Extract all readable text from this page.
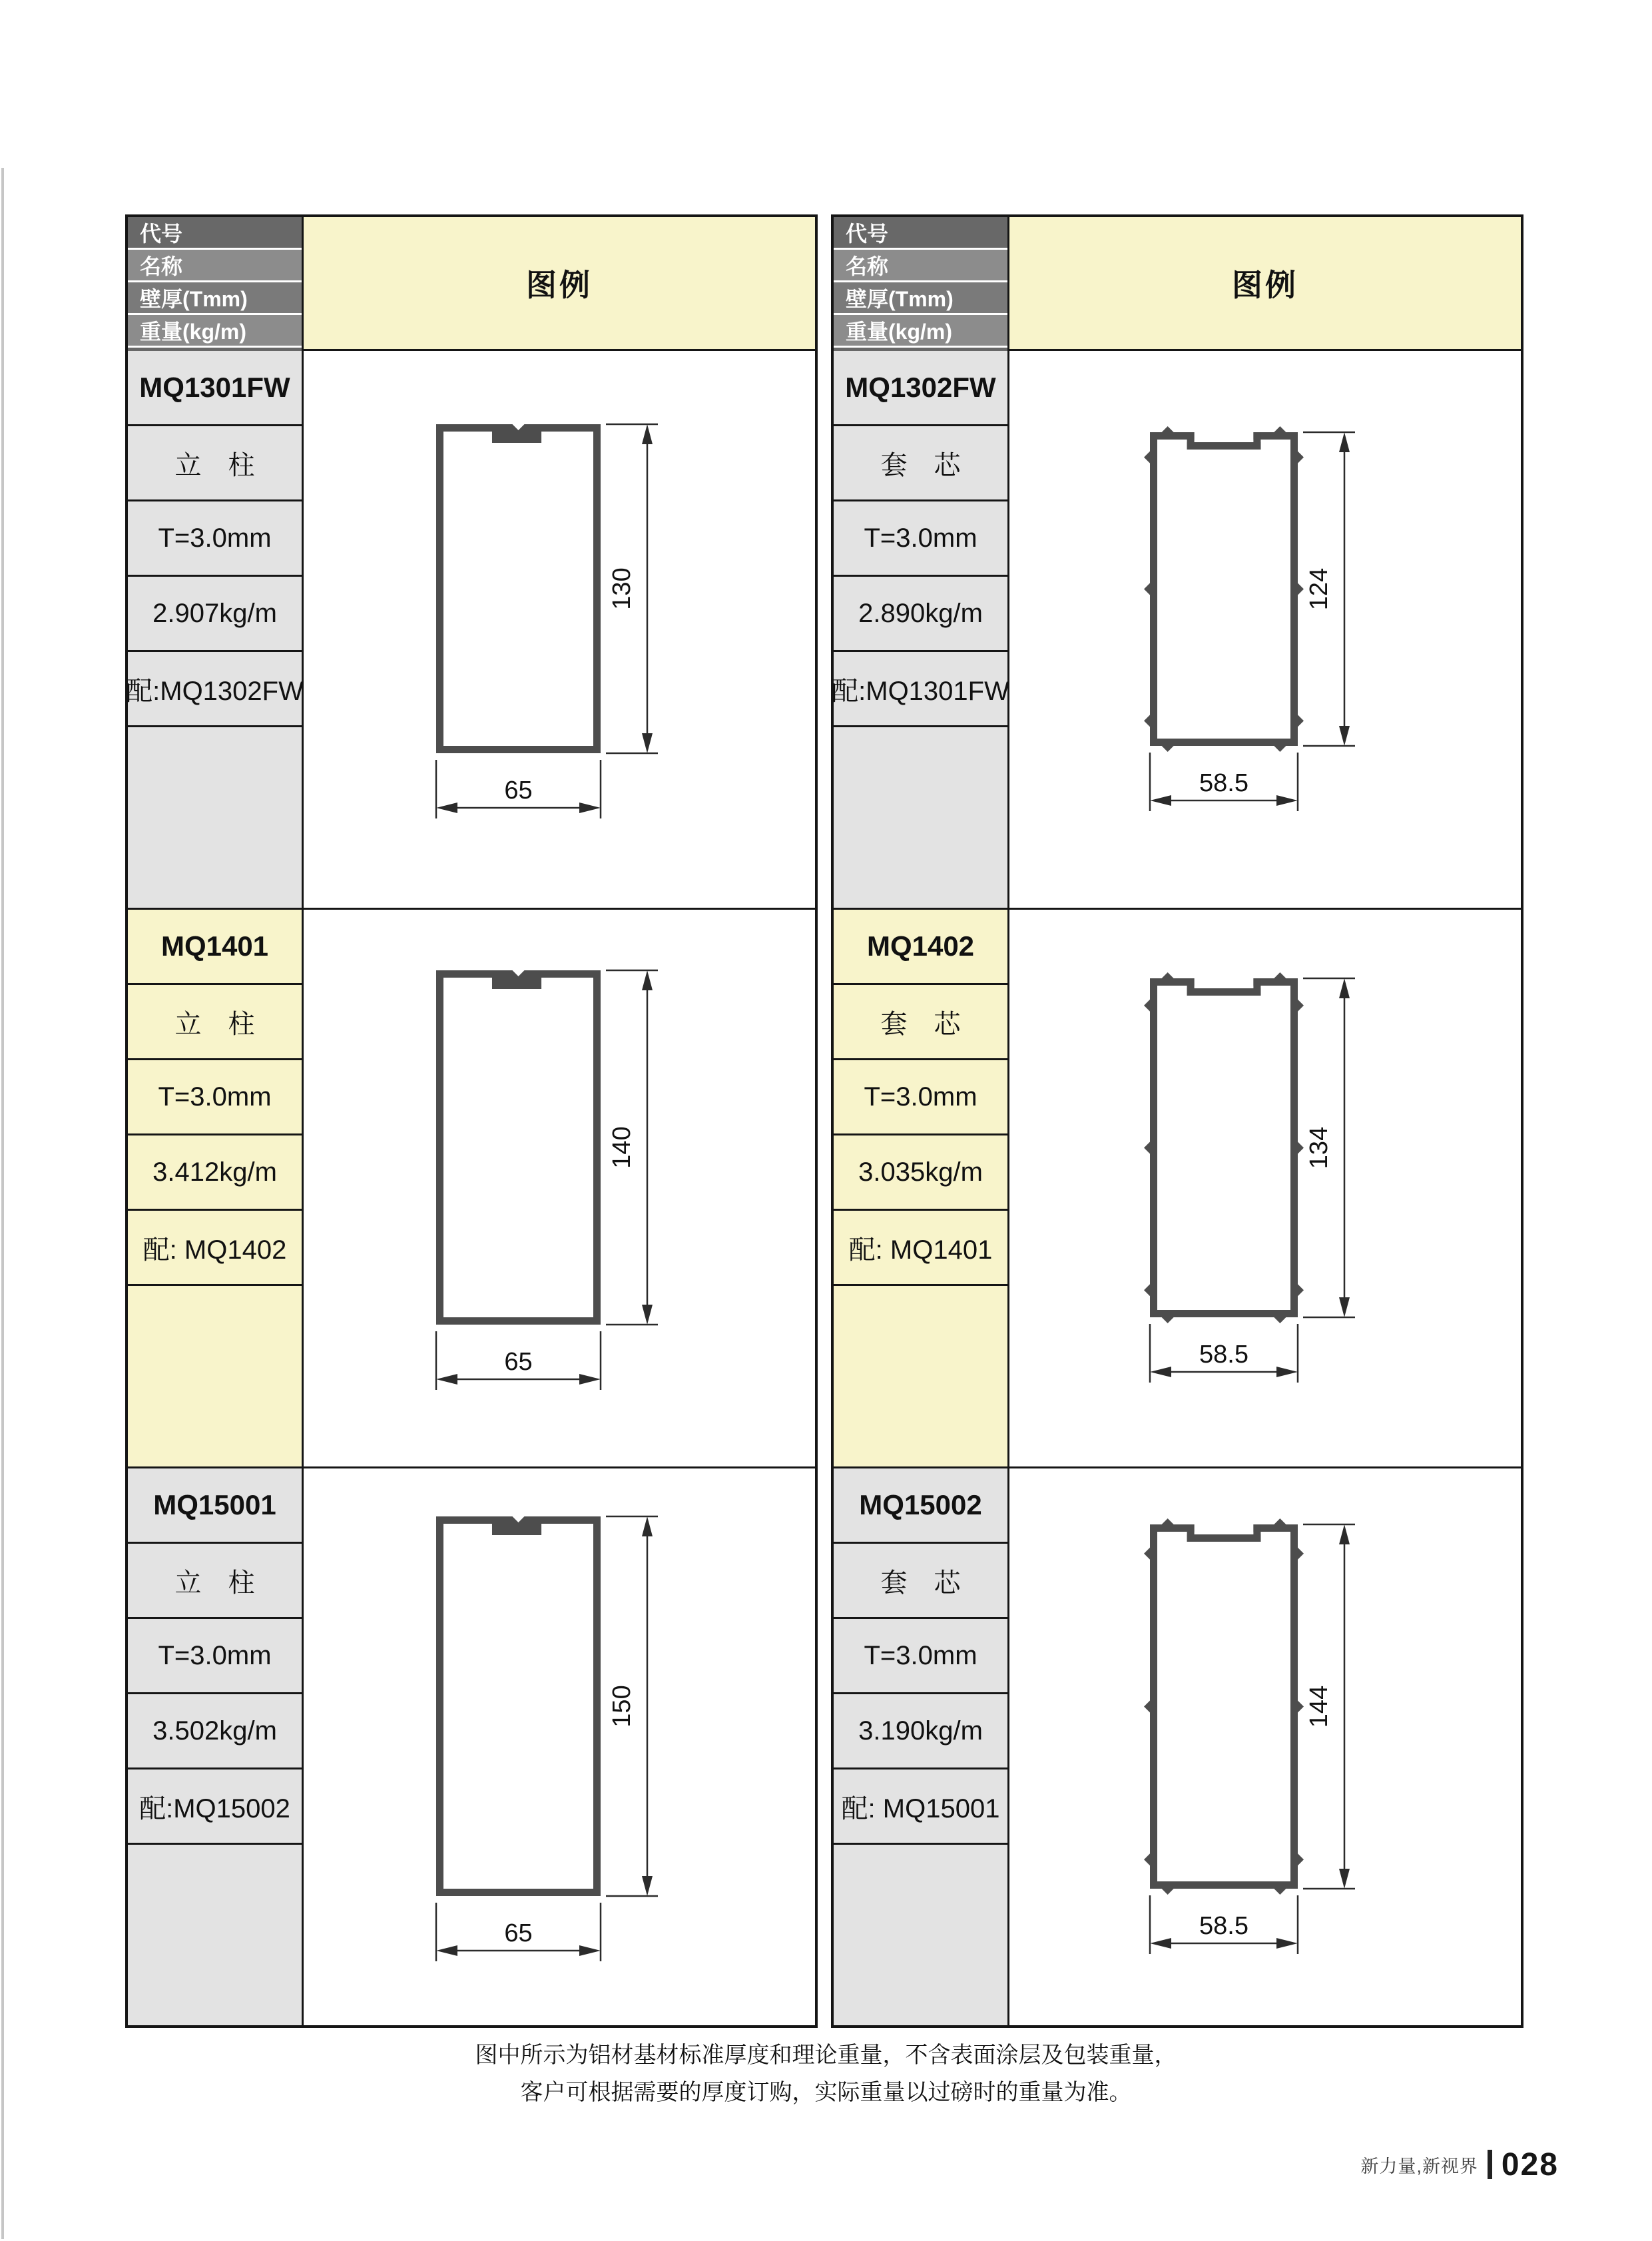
代号
名称
壁厚(Tmm)
重量(kg/m)
图例
MQ1301FW
立　柱
T=3.0mm
2.907kg/m
配:MQ1302FW
130
65
MQ1401
立　柱
T=3.0mm
3.412kg/m
配: MQ1402
140
65
MQ15001
立　柱
T=3.0mm
3.502kg/m
配:MQ15002
150
65
代号
名称
壁厚(Tmm)
重量(kg/m)
图例
MQ1302FW
套　芯
T=3.0mm
2.890kg/m
配:MQ1301FW
124
58.5
MQ1402
套　芯
T=3.0mm
3.035kg/m
配: MQ1401
134
58.5
MQ15002
套　芯
T=3.0mm
3.190kg/m
配: MQ15001
144
58.5
图中所示为铝材基材标准厚度和理论重量，不含表面涂层及包装重量，
客户可根据需要的厚度订购，实际重量以过磅时的重量为准。
新力量,新视界 028
